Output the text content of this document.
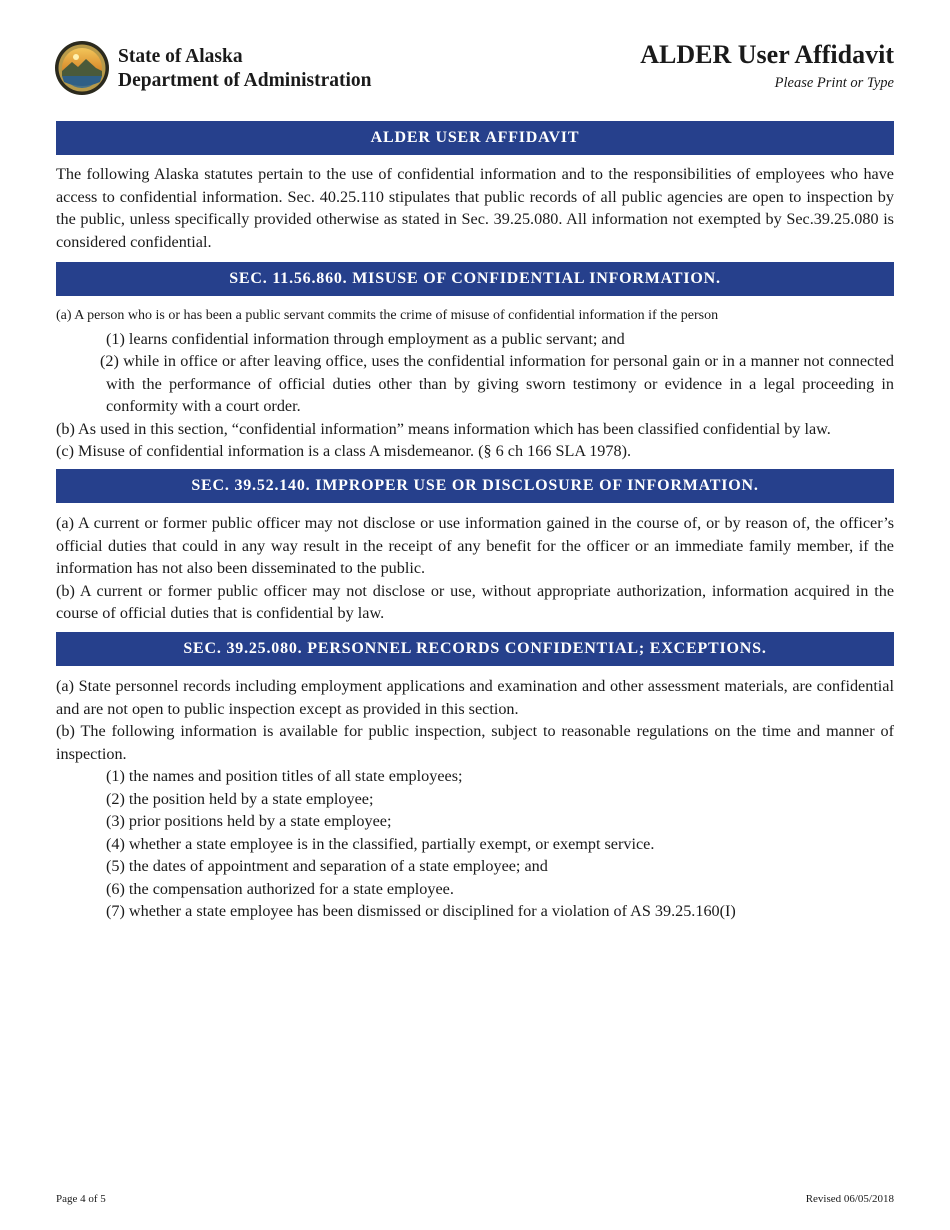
State of Alaska
Department of Administration
ALDER User Affidavit
Please Print or Type
ALDER USER AFFIDAVIT

The following Alaska statutes pertain to the use of confidential information and to the responsibilities of employees who have access to confidential information. Sec. 40.25.110 stipulates that public records of all public agencies are open to inspection by the public, unless specifically provided otherwise as stated in Sec. 39.25.080. All information not exempted by Sec.39.25.080 is considered confidential.

SEC. 11.56.860. MISUSE OF CONFIDENTIAL INFORMATION.

(a) A person who is or has been a public servant commits the crime of misuse of confidential information if the person

(1) learns confidential information through employment as a public servant; and

(2) while in office or after leaving office, uses the confidential information for personal gain or in a manner not connected with the performance of official duties other than by giving sworn testimony or evidence in a legal proceeding in conformity with a court order.

(b) As used in this section, “confidential information” means information which has been classified confidential by law.

(c) Misuse of confidential information is a class A misdemeanor. (§ 6 ch 166 SLA 1978).

SEC. 39.52.140. IMPROPER USE OR DISCLOSURE OF INFORMATION.

(a) A current or former public officer may not disclose or use information gained in the course of, or by reason of, the officer’s official duties that could in any way result in the receipt of any benefit for the officer or an immediate family member, if the information has not also been disseminated to the public.

(b) A current or former public officer may not disclose or use, without appropriate authorization, information acquired in the course of official duties that is confidential by law.

SEC. 39.25.080. PERSONNEL RECORDS CONFIDENTIAL; EXCEPTIONS.

(a) State personnel records including employment applications and examination and other assessment materials, are confidential and are not open to public inspection except as provided in this section.

(b) The following information is available for public inspection, subject to reasonable regulations on the time and manner of inspection.

(1) the names and position titles of all state employees;

(2) the position held by a state employee;

(3) prior positions held by a state employee;

(4) whether a state employee is in the classified, partially exempt, or exempt service.

(5) the dates of appointment and separation of a state employee; and

(6) the compensation authorized for a state employee.

(7) whether a state employee has been dismissed or disciplined for a violation of AS 39.25.160(I)

Page 4 of 5	Revised 06/05/2018
